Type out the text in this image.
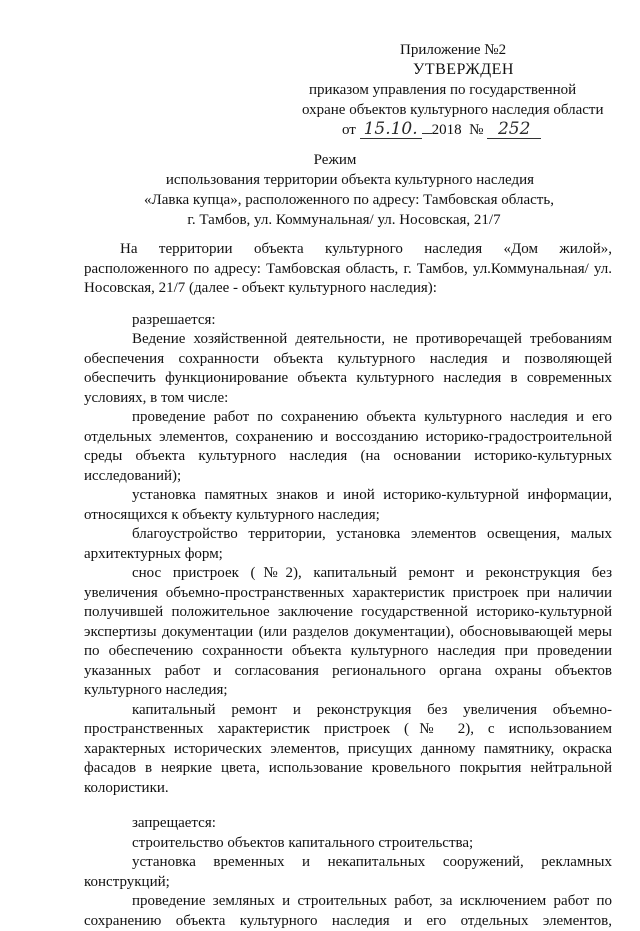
Приложение №2
УТВЕРЖДЕН
приказом управления по государственной
охране объектов культурного наследия области
от 15.10. 2018 № 252
Режим
использования территории объекта культурного наследия
«Лавка купца», расположенного по адресу: Тамбовская область,
г. Тамбов, ул. Коммунальная/ ул. Носовская, 21/7

На территории объекта культурного наследия «Дом жилой», расположенного по адресу: Тамбовская область, г. Тамбов, ул.Коммунальная/ ул. Носовская, 21/7 (далее - объект культурного наследия):

разрешается:

Ведение хозяйственной деятельности, не противоречащей требованиям обеспечения сохранности объекта культурного наследия и позволяющей обеспечить функционирование объекта культурного наследия в современных условиях, в том числе:

проведение работ по сохранению объекта культурного наследия и его отдельных элементов, сохранению и воссозданию историко-градостроительной среды объекта культурного наследия (на основании историко-культурных исследований);

установка памятных знаков и иной историко-культурной информации, относящихся к объекту культурного наследия;

благоустройство территории, установка элементов освещения, малых архитектурных форм;

снос пристроек (№2), капитальный ремонт и реконструкция без увеличения объемно-пространственных характеристик пристроек при наличии получившей положительное заключение государственной историко-культурной экспертизы документации (или разделов документации), обосновывающей меры по обеспечению сохранности объекта культурного наследия при проведении указанных работ и согласования регионального органа охраны объектов культурного наследия;

капитальный ремонт и реконструкция без увеличения объемно-пространственных характеристик пристроек (№ 2), с использованием характерных исторических элементов, присущих данному памятнику, окраска фасадов в неяркие цвета, использование кровельного покрытия нейтральной колористики.

запрещается:

строительство объектов капитального строительства;

установка временных и некапитальных сооружений, рекламных конструкций;

проведение земляных и строительных работ, за исключением работ по сохранению объекта культурного наследия и его отдельных элементов,
